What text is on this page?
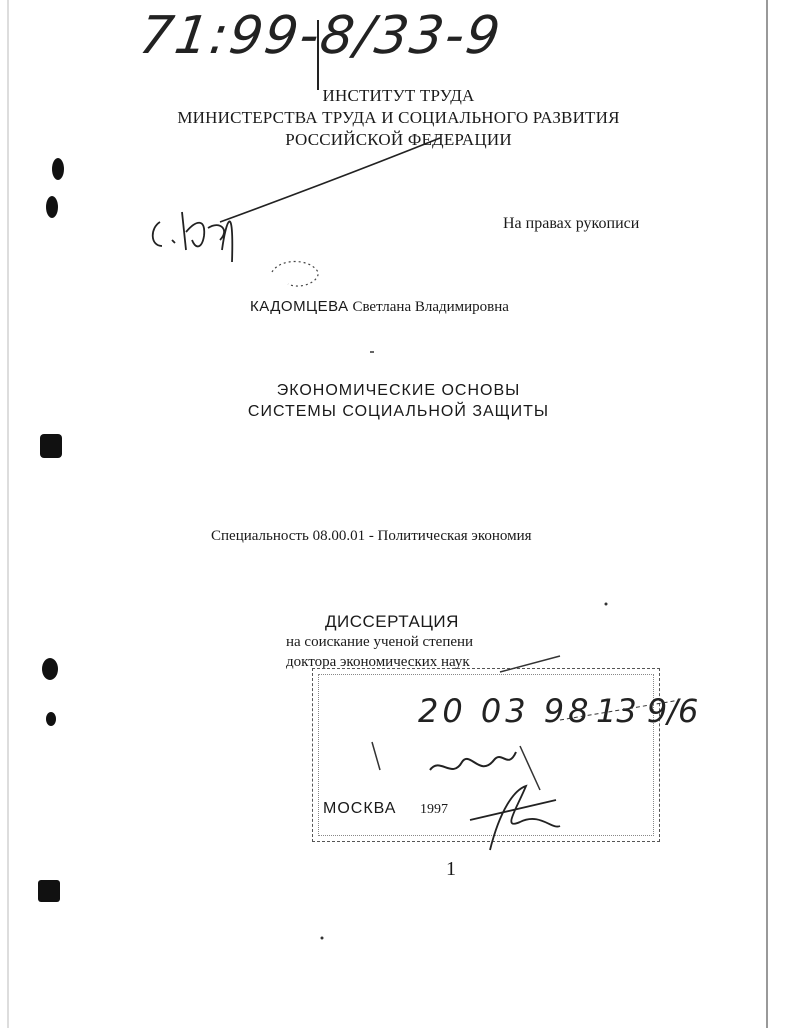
71:99-8/33-9
ИНСТИТУТ ТРУДА
МИНИСТЕРСТВА ТРУДА И СОЦИАЛЬНОГО РАЗВИТИЯ
РОССИЙСКОЙ ФЕДЕРАЦИИ
На правах рукописи
КАДОМЦЕВА Светлана Владимировна
ЭКОНОМИЧЕСКИЕ ОСНОВЫ
СИСТЕМЫ СОЦИАЛЬНОЙ ЗАЩИТЫ
Специальность 08.00.01 - Политическая экономия
ДИССЕРТАЦИЯ
на соискание ученой степени
доктора экономических наук
20 03 98 13 9/6
МОСКВА 1997
1
